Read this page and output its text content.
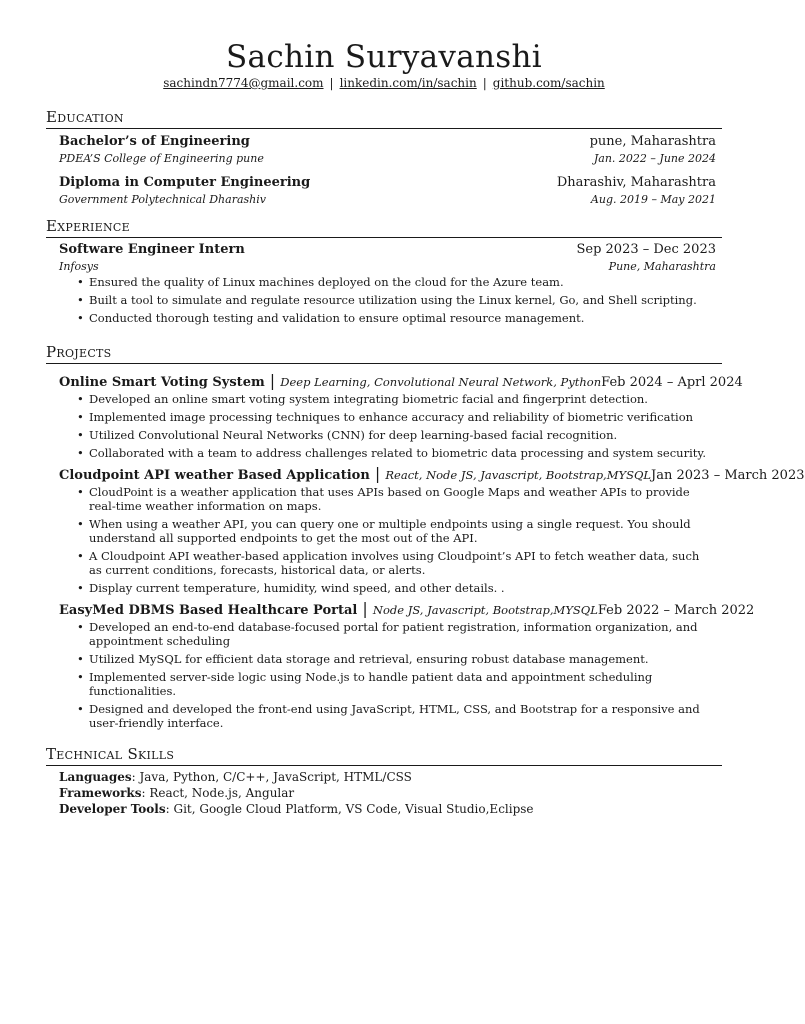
Sachin Suryavanshi
sachindn7774@gmail.com | linkedin.com/in/sachin | github.com/sachin
Education
Bachelor’s of Engineering	pune, Maharashtra
PDEA’S College of Engineering pune	Jan. 2022 – June 2024
Diploma in Computer Engineering	Dharashiv, Maharashtra
Government Polytechnical Dharashiv	Aug. 2019 – May 2021
Experience
Software Engineer Intern	Sep 2023 – Dec 2023
Infosys	Pune, Maharashtra
• Ensured the quality of Linux machines deployed on the cloud for the Azure team.
• Built a tool to simulate and regulate resource utilization using the Linux kernel, Go, and Shell scripting.
• Conducted thorough testing and validation to ensure optimal resource management.
Projects
Online Smart Voting System | Deep Learning, Convolutional Neural Network, Python Feb 2024 – Aprl 2024
• Developed an online smart voting system integrating biometric facial and fingerprint detection.
• Implemented image processing techniques to enhance accuracy and reliability of biometric verification
• Utilized Convolutional Neural Networks (CNN) for deep learning-based facial recognition.
• Collaborated with a team to address challenges related to biometric data processing and system security.
Cloudpoint API weather Based Application | React, Node JS, Javascript, Bootstrap,MYSQL Jan 2023 – March 2023
• CloudPoint is a weather application that uses APIs based on Google Maps and weather APIs to provide real-time weather information on maps.
• When using a weather API, you can query one or multiple endpoints using a single request. You should understand all supported endpoints to get the most out of the API.
• A Cloudpoint API weather-based application involves using Cloudpoint’s API to fetch weather data, such as current conditions, forecasts, historical data, or alerts.
• Display current temperature, humidity, wind speed, and other details. .
EasyMed DBMS Based Healthcare Portal | Node JS, Javascript, Bootstrap,MYSQL Feb 2022 – March 2022
• Developed an end-to-end database-focused portal for patient registration, information organization, and appointment scheduling
• Utilized MySQL for efficient data storage and retrieval, ensuring robust database management.
• Implemented server-side logic using Node.js to handle patient data and appointment scheduling functionalities.
• Designed and developed the front-end using JavaScript, HTML, CSS, and Bootstrap for a responsive and user-friendly interface.
Technical Skills
Languages: Java, Python, C/C++, JavaScript, HTML/CSS
Frameworks: React, Node.js, Angular
Developer Tools: Git, Google Cloud Platform, VS Code, Visual Studio,Eclipse
